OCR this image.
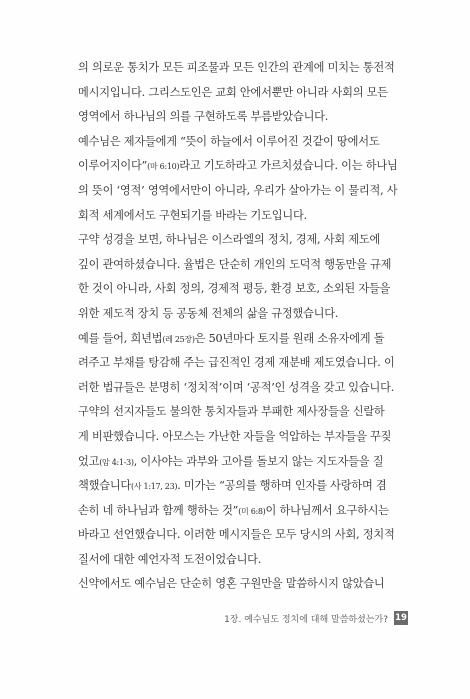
의 의로운 통치가 모든 피조물과 모든 인간의 관계에 미치는 통전적
메시지입니다. 그리스도인은 교회 안에서뿐만 아니라 사회의 모든
영역에서 하나님의 의를 구현하도록 부름받았습니다.
예수님은 제자들에게 “뜻이 하늘에서 이루어진 것같이 땅에서도
이루어지이다”(마 6:10)라고 기도하라고 가르치셨습니다. 이는 하나님
의 뜻이 ‘영적’ 영역에서만이 아니라, 우리가 살아가는 이 물리적, 사
회적 세계에서도 구현되기를 바라는 기도입니다.
구약 성경을 보면, 하나님은 이스라엘의 정치, 경제, 사회 제도에
깊이 관여하셨습니다. 율법은 단순히 개인의 도덕적 행동만을 규제
한 것이 아니라, 사회 정의, 경제적 평등, 환경 보호, 소외된 자들을
위한 제도적 장치 등 공동체 전체의 삶을 규정했습니다.
예를 들어, 희년법(레 25장)은 50년마다 토지를 원래 소유자에게 돌
려주고 부채를 탕감해 주는 급진적인 경제 재분배 제도였습니다. 이
러한 법규들은 분명히 ‘정치적’이며 ‘공적’인 성격을 갖고 있습니다.
구약의 선지자들도 불의한 통치자들과 부패한 제사장들을 신랄하
게 비판했습니다. 아모스는 가난한 자들을 억압하는 부자들을 꾸짖
었고(암 4:1-3), 이사야는 과부와 고아를 돌보지 않는 지도자들을 질
책했습니다(사 1:17, 23). 미가는 “공의를 행하며 인자를 사랑하며 겸
손히 네 하나님과 함께 행하는 것”(미 6:8)이 하나님께서 요구하시는
바라고 선언했습니다. 이러한 메시지들은 모두 당시의 사회, 정치적
질서에 대한 예언자적 도전이었습니다.
신약에서도 예수님은 단순히 영혼 구원만을 말씀하시지 않았습니
1장. 예수님도 정치에 대해 말씀하셨는가? 19
